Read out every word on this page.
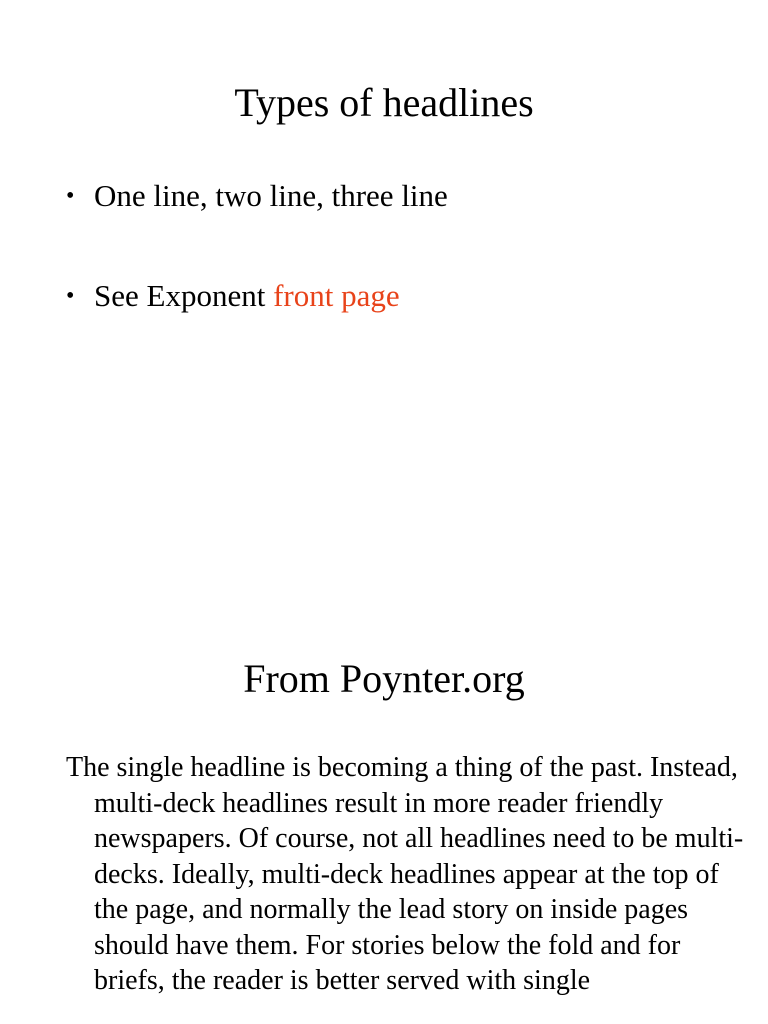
Types of headlines
• One line, two line, three line
• See Exponent front page
From Poynter.org

The single headline is becoming a thing of the past. Instead, multi-deck headlines result in more reader friendly newspapers. Of course, not all headlines need to be multi-decks. Ideally, multi-deck headlines appear at the top of the page, and normally the lead story on inside pages should have them. For stories below the fold and for briefs, the reader is better served with single
